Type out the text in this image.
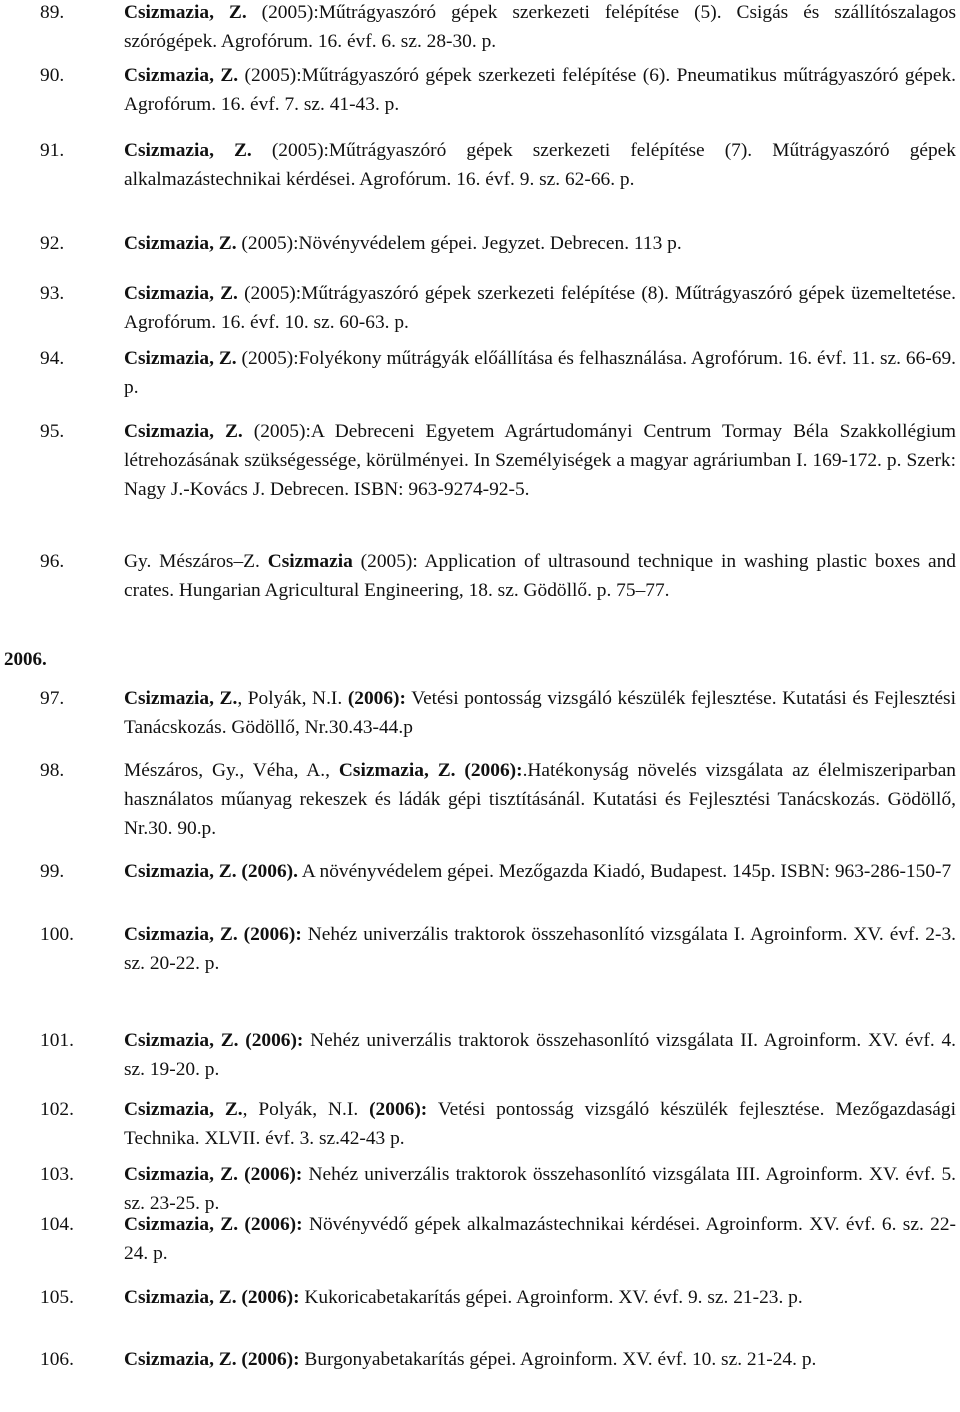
2006.
89.	Csizmazia, Z. (2005):Műtrágyaszóró gépek szerkezeti felépítése (5). Csigás és szállítószalagos szórógépek. Agrofórum. 16. évf. 6. sz. 28-30. p.
90.	Csizmazia, Z. (2005):Műtrágyaszóró gépek szerkezeti felépítése (6). Pneumatikus műtrágyaszóró gépek. Agrofórum. 16. évf. 7. sz. 41-43. p.
91.	Csizmazia, Z. (2005):Műtrágyaszóró gépek szerkezeti felépítése (7). Műtrágyaszóró gépek alkalmazástechnikai kérdései. Agrofórum. 16. évf. 9. sz. 62-66. p.
92.	Csizmazia, Z. (2005):Növényvédelem gépei. Jegyzet. Debrecen. 113 p.
93.	Csizmazia, Z. (2005):Műtrágyaszóró gépek szerkezeti felépítése (8). Műtrágyaszóró gépek üzemeltetése. Agrofórum. 16. évf. 10. sz. 60-63. p.
94.	Csizmazia, Z. (2005):Folyékony műtrágyák előállítása és felhasználása. Agrofórum. 16. évf. 11. sz. 66-69. p.
95.	Csizmazia, Z. (2005):A Debreceni Egyetem Agrártudományi Centrum Tormay Béla Szakkollégium létrehozásának szükségessége, körülményei. In Személyiségek a magyar agráriumban I. 169-172. p. Szerk: Nagy J.-Kovács J. Debrecen. ISBN: 963-9274-92-5.
96.	Gy. Mészáros–Z. Csizmazia (2005): Application of ultrasound technique in washing plastic boxes and crates. Hungarian Agricultural Engineering, 18. sz. Gödöllő. p. 75–77.
97.	Csizmazia, Z., Polyák, N.I. (2006): Vetési pontosság vizsgáló készülék fejlesztése. Kutatási és Fejlesztési Tanácskozás. Gödöllő, Nr.30.43-44.p
98.	Mészáros, Gy., Véha, A., Csizmazia, Z. (2006):.Hatékonyság növelés vizsgálata az élelmiszeriparban használatos műanyag rekeszek és ládák gépi tisztításánál. Kutatási és Fejlesztési Tanácskozás. Gödöllő, Nr.30. 90.p.
99.	Csizmazia, Z. (2006). A növényvédelem gépei. Mezőgazda Kiadó, Budapest. 145p. ISBN: 963-286-150-7
100.	Csizmazia, Z. (2006): Nehéz univerzális traktorok összehasonlító vizsgálata I. Agroinform. XV. évf. 2-3. sz. 20-22. p.
101.	Csizmazia, Z. (2006): Nehéz univerzális traktorok összehasonlító vizsgálata II. Agroinform. XV. évf. 4. sz. 19-20. p.
102.	Csizmazia, Z., Polyák, N.I. (2006): Vetési pontosság vizsgáló készülék fejlesztése. Mezőgazdasági Technika. XLVII. évf. 3. sz.42-43 p.
103.	Csizmazia, Z. (2006): Nehéz univerzális traktorok összehasonlító vizsgálata III. Agroinform. XV. évf. 5. sz. 23-25. p.
104.	Csizmazia, Z. (2006): Növényvédő gépek alkalmazástechnikai kérdései. Agroinform. XV. évf. 6. sz. 22-24. p.
105.	Csizmazia, Z. (2006): Kukoricabetakarítás gépei. Agroinform. XV. évf. 9. sz. 21-23. p.
106.	Csizmazia, Z. (2006): Burgonyabetakarítás gépei. Agroinform. XV. évf. 10. sz. 21-24. p.
